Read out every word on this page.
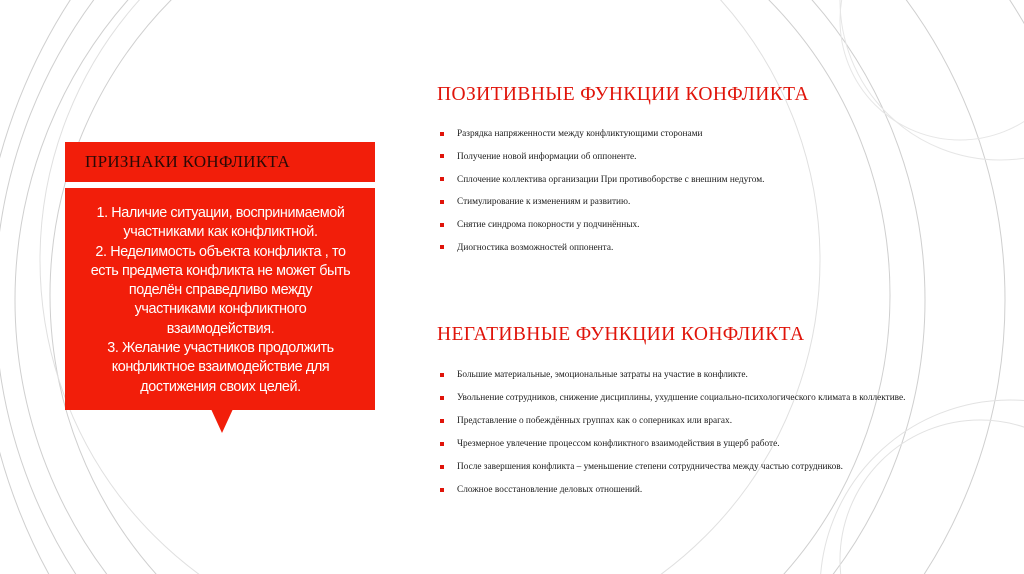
ПРИЗНАКИ КОНФЛИКТА
1. Наличие ситуации, воспринимаемой
участниками как конфликтной.
2. Неделимость объекта конфликта , то
есть предмета конфликта не может быть
поделён справедливо между
участниками конфликтного
взаимодействия.
3. Желание участников продолжить
конфликтное взаимодействие для
достижения своих целей.
ПОЗИТИВНЫЕ ФУНКЦИИ КОНФЛИКТА
Разрядка напряженности между конфликтующими сторонами
Получение новой информации об оппоненте.
Сплочение коллектива организации При противоборстве с внешним недугом.
Стимулирование к изменениям и развитию.
Снятие синдрома покорности у подчинённых.
Диогностика возможностей оппонента.
НЕГАТИВНЫЕ ФУНКЦИИ КОНФЛИКТА
Большие материальные, эмоциональные затраты на участие в конфликте.
Увольнение сотрудников, снижение дисциплины, ухудшение социально-психологического климата в коллективе.
Представление о побеждённых группах как о соперниках или врагах.
Чрезмерное увлечение процессом конфликтного взаимодействия в ущерб работе.
После завершения конфликта – уменьшение степени сотрудничества между частью сотрудников.
Сложное восстановление деловых отношений.
